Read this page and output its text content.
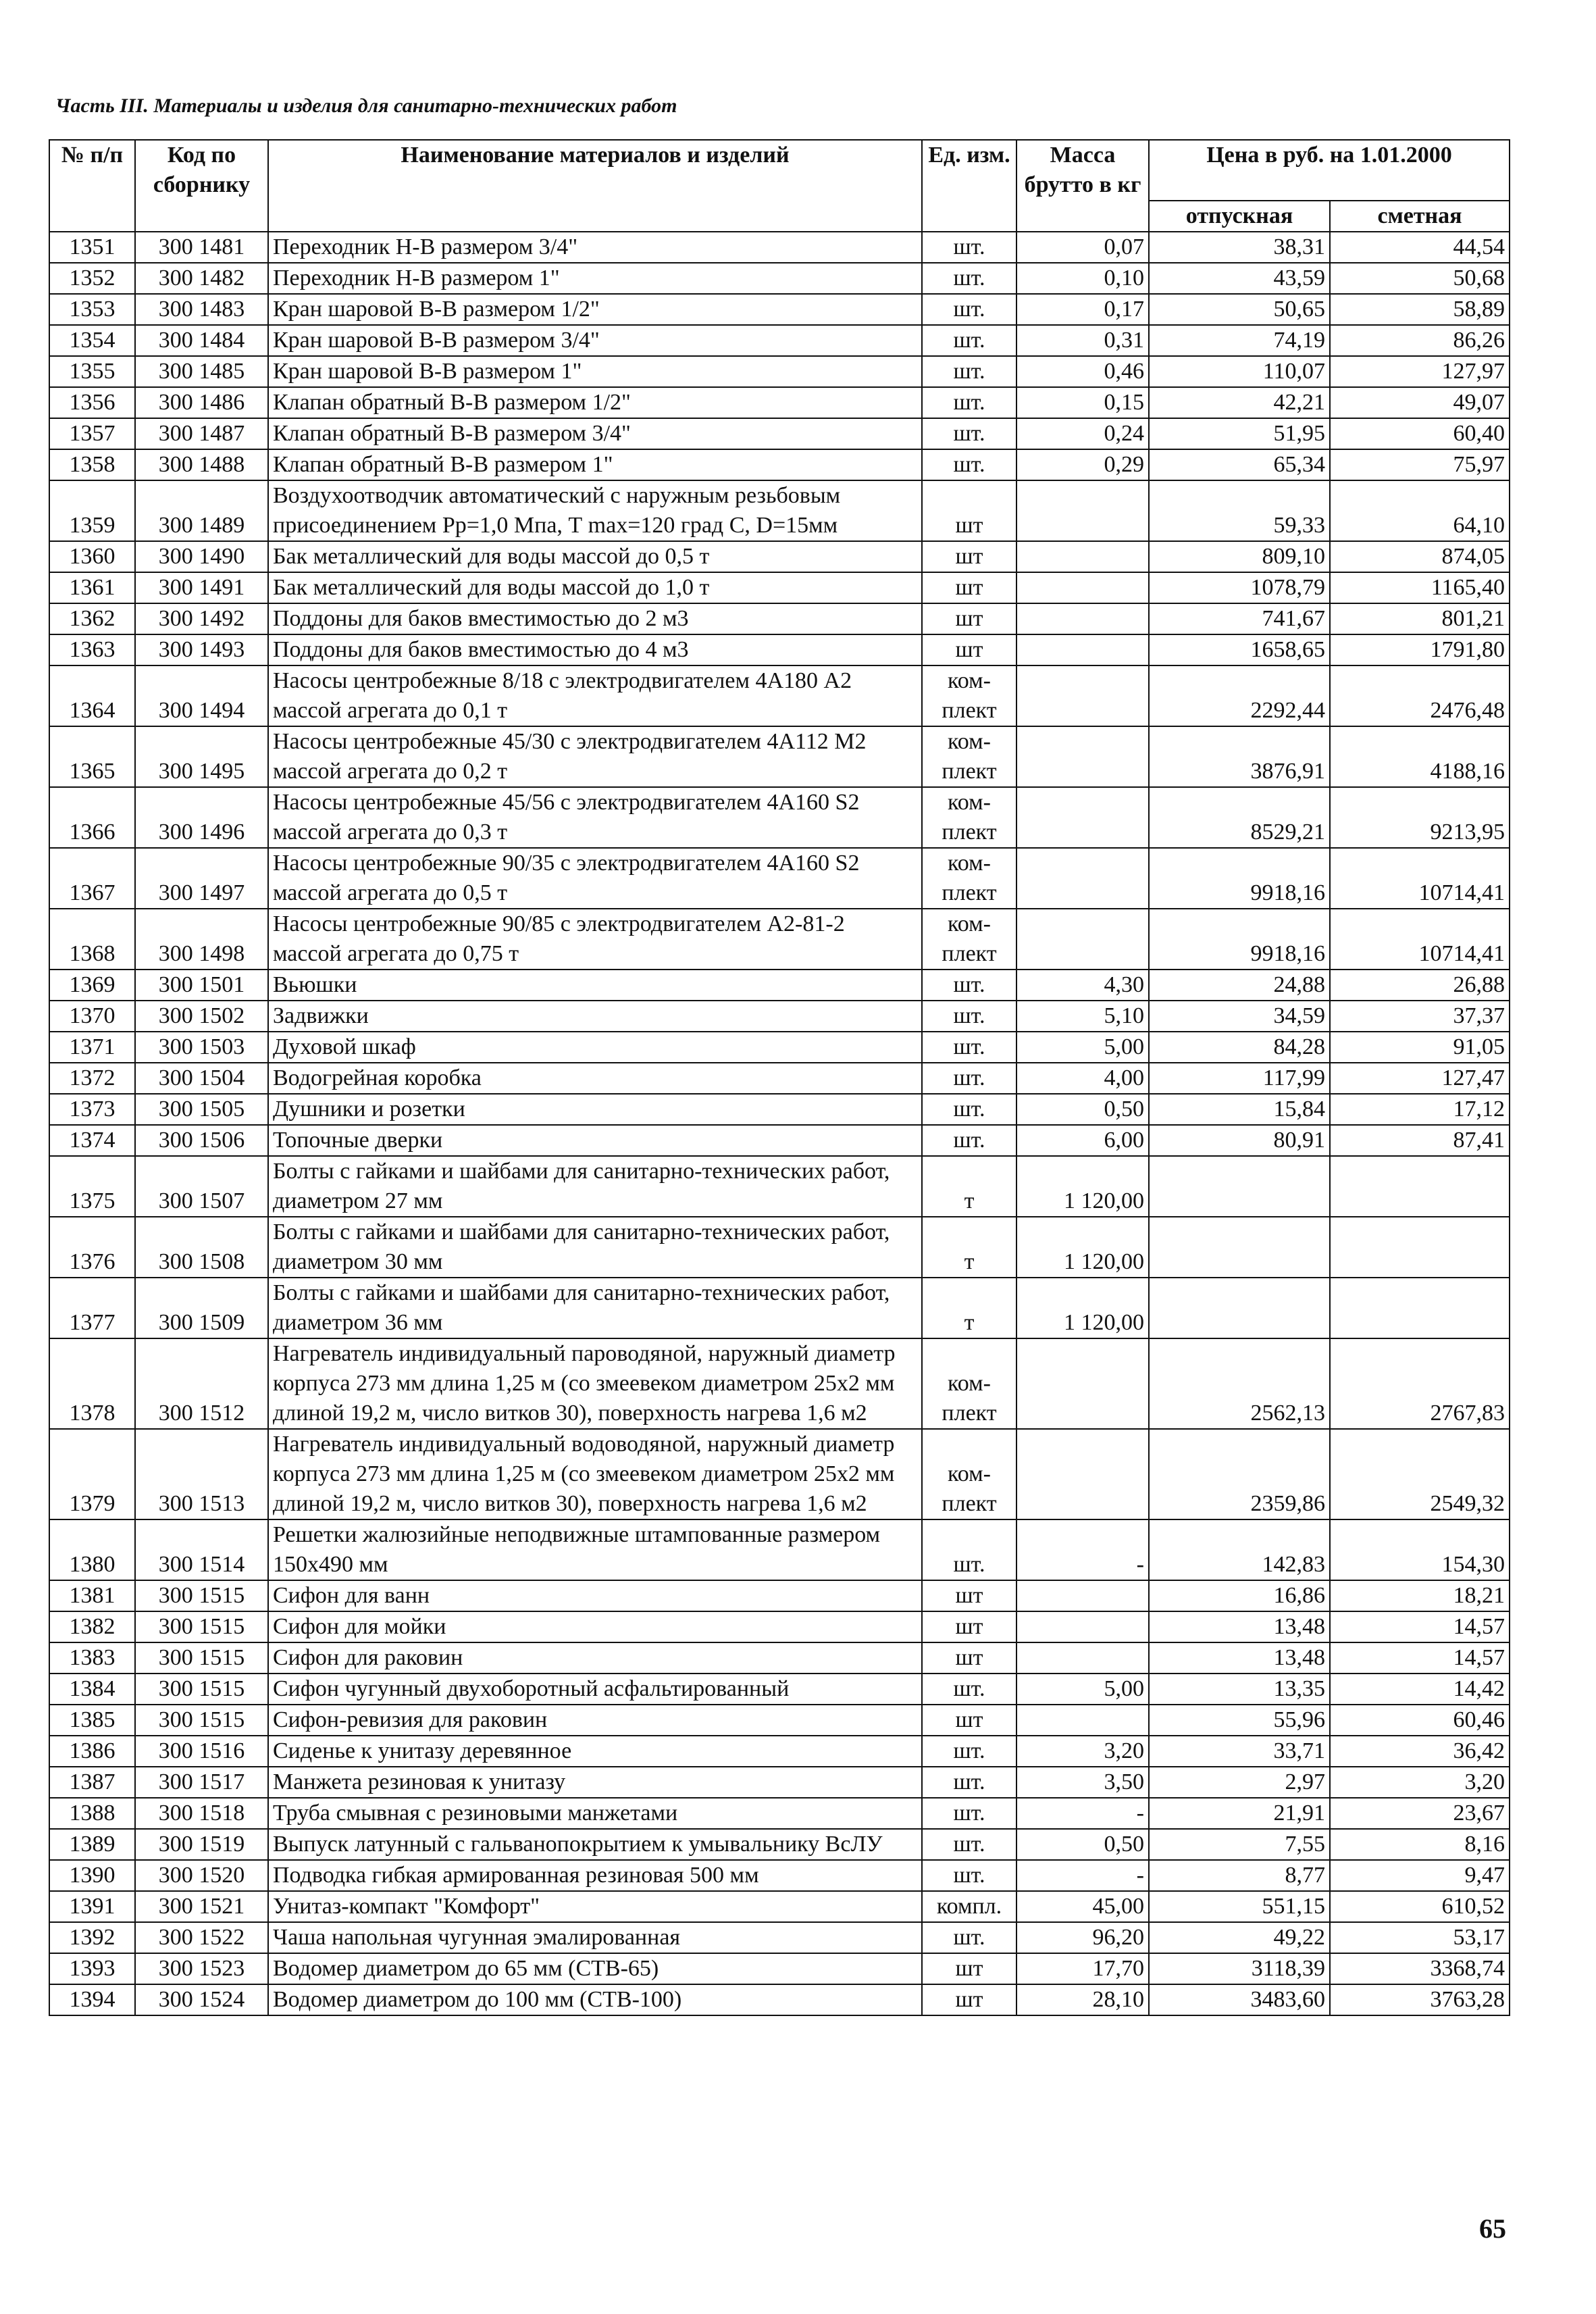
Часть III. Материалы и изделия для санитарно-технических работ
№ п/п	Код по сборнику	Наименование материалов и изделий	Ед. изм.	Масса брутто в кг	Цена в руб. на 1.01.2000	
					отпускная	сметная
1351	300 1481	Переходник Н-В размером 3/4"	шт.	0,07	38,31	44,54
1352	300 1482	Переходник Н-В размером 1"	шт.	0,10	43,59	50,68
1353	300 1483	Кран шаровой В-В размером 1/2"	шт.	0,17	50,65	58,89
1354	300 1484	Кран шаровой В-В размером 3/4"	шт.	0,31	74,19	86,26
1355	300 1485	Кран шаровой В-В размером 1"	шт.	0,46	110,07	127,97
1356	300 1486	Клапан обратный В-В размером 1/2"	шт.	0,15	42,21	49,07
1357	300 1487	Клапан обратный В-В размером 3/4"	шт.	0,24	51,95	60,40
1358	300 1488	Клапан обратный В-В размером 1"	шт.	0,29	65,34	75,97
1359	300 1489	Воздухоотводчик автоматический с наружным резьбовым присоединением Рр=1,0 Мпа, Т max=120 град С, D=15мм	шт		59,33	64,10
1360	300 1490	Бак металлический для воды массой до 0,5 т	шт		809,10	874,05
1361	300 1491	Бак металлический для воды массой до 1,0 т	шт		1078,79	1165,40
1362	300 1492	Поддоны для баков вместимостью до 2 м3	шт		741,67	801,21
1363	300 1493	Поддоны для баков вместимостью до 4 м3	шт		1658,65	1791,80
1364	300 1494	Насосы центробежные 8/18 с электродвигателем 4А180 А2 массой агрегата до 0,1 т	ком-плект		2292,44	2476,48
1365	300 1495	Насосы центробежные 45/30 с электродвигателем 4А112 М2 массой агрегата до 0,2 т	ком-плект		3876,91	4188,16
1366	300 1496	Насосы центробежные 45/56 с электродвигателем 4А160 S2 массой агрегата до 0,3 т	ком-плект		8529,21	9213,95
1367	300 1497	Насосы центробежные 90/35 с электродвигателем 4А160 S2 массой агрегата до 0,5 т	ком-плект		9918,16	10714,41
1368	300 1498	Насосы центробежные 90/85 с электродвигателем А2-81-2 массой агрегата до 0,75 т	ком-плект		9918,16	10714,41
1369	300 1501	Вьюшки	шт.	4,30	24,88	26,88
1370	300 1502	Задвижки	шт.	5,10	34,59	37,37
1371	300 1503	Духовой шкаф	шт.	5,00	84,28	91,05
1372	300 1504	Водогрейная коробка	шт.	4,00	117,99	127,47
1373	300 1505	Душники и розетки	шт.	0,50	15,84	17,12
1374	300 1506	Топочные дверки	шт.	6,00	80,91	87,41
1375	300 1507	Болты с гайками и шайбами для санитарно-технических работ, диаметром 27 мм	т	1 120,00		
1376	300 1508	Болты с гайками и шайбами для санитарно-технических работ, диаметром 30 мм	т	1 120,00		
1377	300 1509	Болты с гайками и шайбами для санитарно-технических работ, диаметром 36 мм	т	1 120,00		
1378	300 1512	Нагреватель индивидуальный пароводяной, наружный диаметр корпуса 273 мм длина 1,25 м (со змеевеком диаметром 25х2 мм длиной 19,2 м, число витков 30), поверхность нагрева 1,6 м2	ком-плект		2562,13	2767,83
1379	300 1513	Нагреватель индивидуальный водоводяной, наружный диаметр корпуса 273 мм длина 1,25 м (со змеевеком диаметром 25х2 мм длиной 19,2 м, число витков 30), поверхность нагрева 1,6 м2	ком-плект		2359,86	2549,32
1380	300 1514	Решетки жалюзийные неподвижные штампованные размером 150х490 мм	шт.	-	142,83	154,30
1381	300 1515	Сифон для ванн	шт		16,86	18,21
1382	300 1515	Сифон для мойки	шт		13,48	14,57
1383	300 1515	Сифон для раковин	шт		13,48	14,57
1384	300 1515	Сифон чугунный двухоборотный асфальтированный	шт.	5,00	13,35	14,42
1385	300 1515	Сифон-ревизия для раковин	шт		55,96	60,46
1386	300 1516	Сиденье к унитазу деревянное	шт.	3,20	33,71	36,42
1387	300 1517	Манжета резиновая к унитазу	шт.	3,50	2,97	3,20
1388	300 1518	Труба смывная с резиновыми манжетами	шт.	-	21,91	23,67
1389	300 1519	Выпуск латунный с гальванопокрытием к умывальнику ВсЛУ	шт.	0,50	7,55	8,16
1390	300 1520	Подводка гибкая армированная резиновая 500 мм	шт.	-	8,77	9,47
1391	300 1521	Унитаз-компакт "Комфорт"	компл.	45,00	551,15	610,52
1392	300 1522	Чаша напольная чугунная эмалированная	шт.	96,20	49,22	53,17
1393	300 1523	Водомер диаметром до 65 мм (СТВ-65)	шт	17,70	3118,39	3368,74
1394	300 1524	Водомер диаметром до 100 мм (СТВ-100)	шт	28,10	3483,60	3763,28
65
